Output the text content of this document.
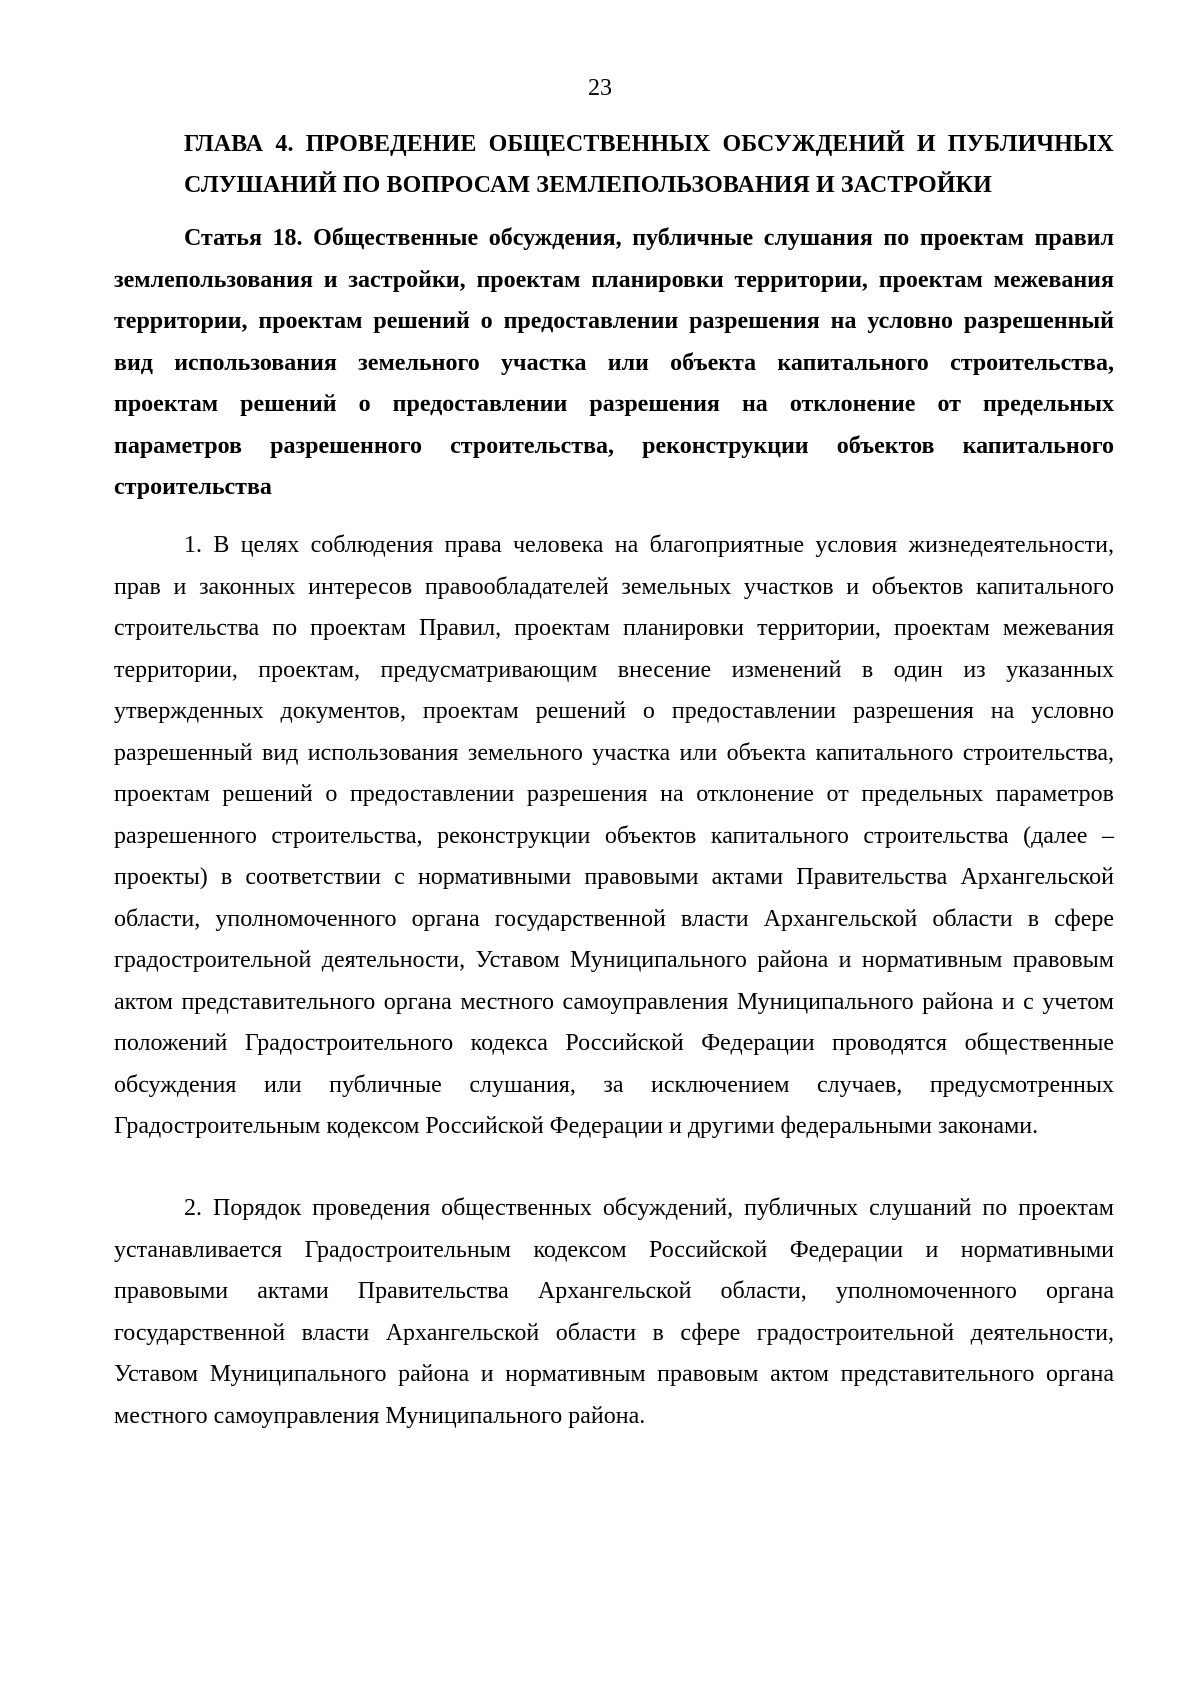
23
ГЛАВА 4. ПРОВЕДЕНИЕ ОБЩЕСТВЕННЫХ ОБСУЖДЕНИЙ И ПУБЛИЧНЫХ СЛУШАНИЙ ПО ВОПРОСАМ ЗЕМЛЕПОЛЬЗОВАНИЯ И ЗАСТРОЙКИ
Статья 18. Общественные обсуждения, публичные слушания по проектам правил землепользования и застройки, проектам планировки территории, проектам межевания территории, проектам решений о предоставлении разрешения на условно разрешенный вид использования земельного участка или объекта капитального строительства, проектам решений о предоставлении разрешения на отклонение от предельных параметров разрешенного строительства, реконструкции объектов капитального строительства

1. В целях соблюдения права человека на благоприятные условия жизнедеятельности, прав и законных интересов правообладателей земельных участков и объектов капитального строительства по проектам Правил, проектам планировки территории, проектам межевания территории, проектам, предусматривающим внесение изменений в один из указанных утвержденных документов, проектам решений о предоставлении разрешения на условно разрешенный вид использования земельного участка или объекта капитального строительства, проектам решений о предоставлении разрешения на отклонение от предельных параметров разрешенного строительства, реконструкции объектов капитального строительства (далее – проекты) в соответствии с нормативными правовыми актами Правительства Архангельской области, уполномоченного органа государственной власти Архангельской области в сфере градостроительной деятельности, Уставом Муниципального района и нормативным правовым актом представительного органа местного самоуправления Муниципального района и с учетом положений Градостроительного кодекса Российской Федерации проводятся общественные обсуждения или публичные слушания, за исключением случаев, предусмотренных Градостроительным кодексом Российской Федерации и другими федеральными законами.

2. Порядок проведения общественных обсуждений, публичных слушаний по проектам устанавливается Градостроительным кодексом Российской Федерации и нормативными правовыми актами Правительства Архангельской области, уполномоченного органа государственной власти Архангельской области в сфере градостроительной деятельности, Уставом Муниципального района и нормативным правовым актом представительного органа местного самоуправления Муниципального района.
